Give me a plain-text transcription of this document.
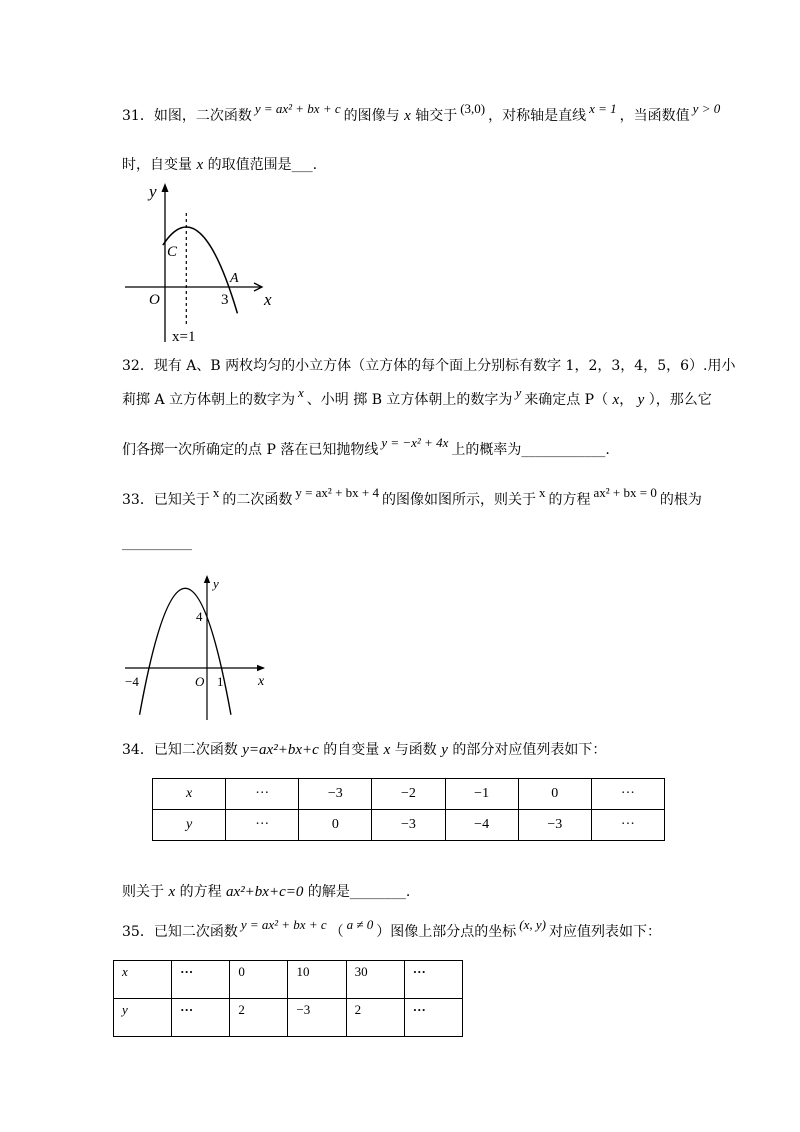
31．如图，二次函数 y = ax² + bx + c 的图像与 x 轴交于 (3,0) ，对称轴是直线 x = 1 ，当函数值 y > 0
时，自变量 x 的取值范围是___.
y
C
O	3
A
x
x=1
32．现有 A、B 两枚均匀的小立方体（立方体的每个面上分别标有数字 1，2，3，4，5，6）.用小
莉掷 A 立方体朝上的数字为 x 、小明 掷 B 立方体朝上的数字为 y 来确定点 P（ x， y ），那么它
们各掷一次所确定的点 P 落在已知抛物线 y = −x² + 4x 上的概率为____________.
33．已知关于 x 的二次函数 y = ax² + bx + 4 的图像如图所示，则关于 x 的方程 ax² + bx = 0 的根为
__________
y
4
−4	O 1 x
34．已知二次函数 y=ax²+bx+c 的自变量 x 与函数 y 的部分对应值列表如下：
x	···	−3	−2	−1	0	···
y	···	0	−3	−4	−3	···
则关于 x 的方程 ax²+bx+c=0 的解是________.
35．已知二次函数 y = ax² + bx + c （ a ≠ 0 ）图像上部分点的坐标 (x, y) 对应值列表如下：
x	···	0	10	30	···
y	···	2	−3	2	···
